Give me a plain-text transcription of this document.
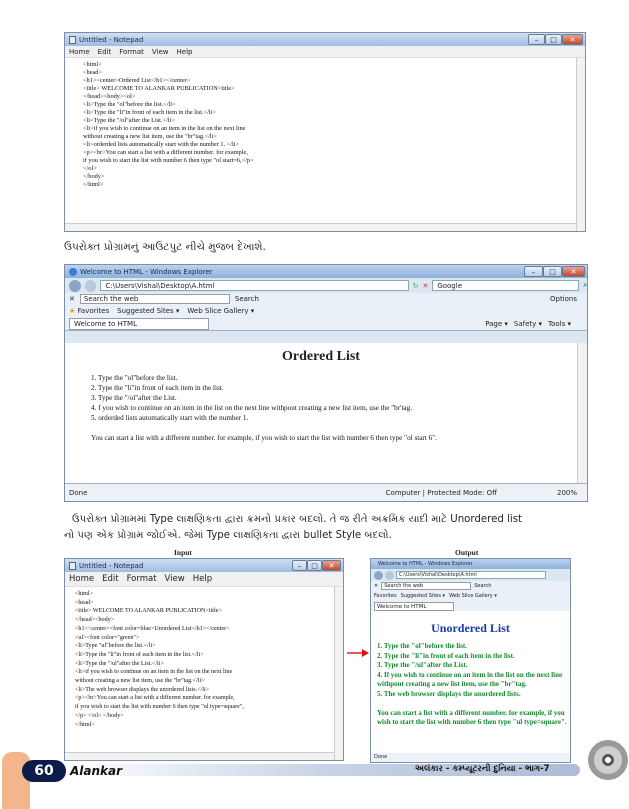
Untitled - Notepad	–	□	✕
Home Edit Format View Help
<html>
<head>
<h1><center>Ordered List</h1></center>
<title> WELCOME TO ALANKAR PUBLICATION<title>
</head><body><ol>
<li>Type the "ol"before the list.</li>
<li>Type the "li"in front of each item in the list.</li>
<li>Type the "/ol"after the List.</li>
<li>if you wish to continue on an item in the list on the next line
without creating a new list item, use the "br"tag.</li>
<li>orderded lists automatically start with the number 1. </li>
<p><br>You can start a list with a different number. for example,
if you wish to start the list with number 6 then type "ol start=6,</p>
</ol>
</body>
</html>
ઉપરોક્ત પ્રોગ્રામનું આઉટપુટ નીચે મુજબ દેખાશે.
Welcome to HTML - Windows Explorer	–	□	✕
C:\Users\Vishal\Desktop\A.html	↻ ✕	Google	⌕
✕	Search the web	Search	Options
★ Favorites Suggested Sites ▾ Web Slice Gallery ▾
Welcome to HTML	Page ▾ Safety ▾ Tools ▾
Ordered List
1. Type the "ol"before the list.
2. Type the "li"in front of each item in the list.
3. Type the "/ol"after the List.
4. f you wish to continue on an item in the list on the next line withpout creating a new list item, use the "br'tag.
5. orderded lists automatically start with the number 1.
You can start a list with a different number. for example, if you wish to start the list with number 6 then type "ol start 6".
Done	Computer | Protected Mode: Off	200%
ઉપરોક્ત પ્રોગ્રામમાં Type લાક્ષણિકતા દ્વારા ક્રમનો પ્રકાર બદલો. તે જ રીતે અક્રમિક યાદી માટે Unordered list
નો પણ એક પ્રોગ્રામ જોઈએ. જેમાં Type લાક્ષણિકતા દ્વારા bullet Style બદલો.
Input	Output
Untitled - Notepad	–	□	✕
Home Edit Format View Help
<html>
<head>
<title> WELCOME TO ALANKAR PUBLICATION<title>
</head><body>
<h1><center><font color=blue>Unordered List</h1></center>
<ul><font color="green">
<li>Type "ul"before the list.</li>
<li>Type the "li"in front of each item in the list.</li>
<li>Type the "/ul"after the List.</li>
<li>if you wish to continue on an item in the list on the next line
without creating a new list item, use the "br"tag.</li>
<li>The web browser displays the unordered lists.</li>
<p><br>You can start a list with a different number. for example,
if you wish to start the list with number 6 then type "ul type=square",
</p> </ol> </body>
</html>
Welcome to HTML - Windows Explorer
C:\Users\Vishal\Desktop\A.html
✕	Search the web	Search
Favorites Suggested Sites ▾ Web Slice Gallery ▾
Welcome to HTML
Unordered List
1. Type the "ol"before the list.
2. Type the "li"in front of each item in the list.
3. Type the "/ul"after the List.
4. If you wish to continue on an item in the list on the next line
withpout creating a new list item, use the "br"tag.
5. The web browser displays the unordered lists.
You can start a list with a different number. for example, if you
wish to start the list with number 6 then type "ul type=square".
Done
60	Alankar	અલંકાર - કમ્પ્યૂટરની દુનિયા - ભાગ-7
